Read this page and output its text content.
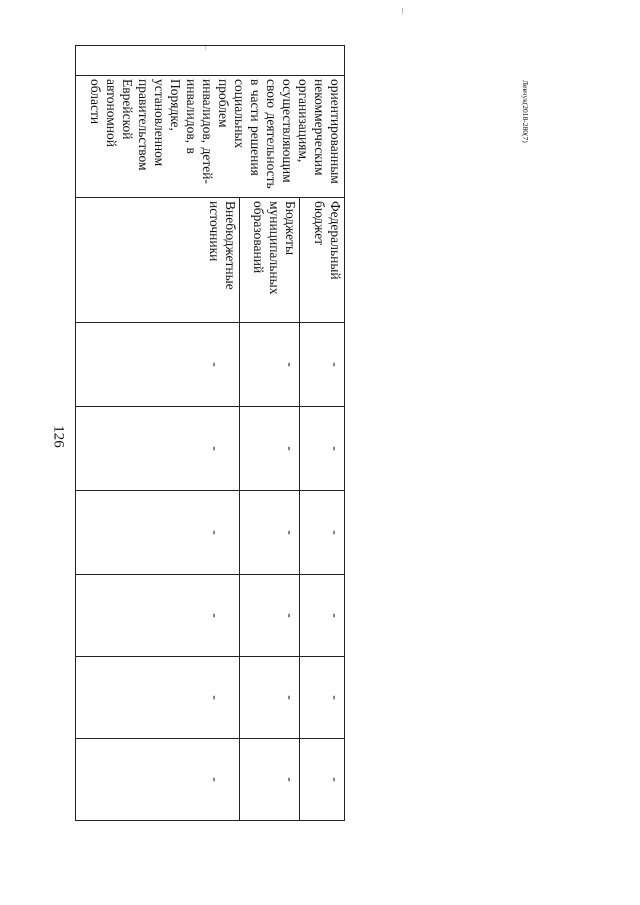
126
Левчук(2018-280(7)

	ориентированным некоммерческим организациям, осуществляющим свою деятельность в части решения социальных проблем инвалидов, детей-инвалидов, в Порядке, установленном правительством Еврейской автономной области	Федеральный бюджет	-	-	-	-	-	-
		Бюджеты муниципальных образований	-	-	-	-	-	-
		Внебюджетные источники	-	-	-	-	-	-
